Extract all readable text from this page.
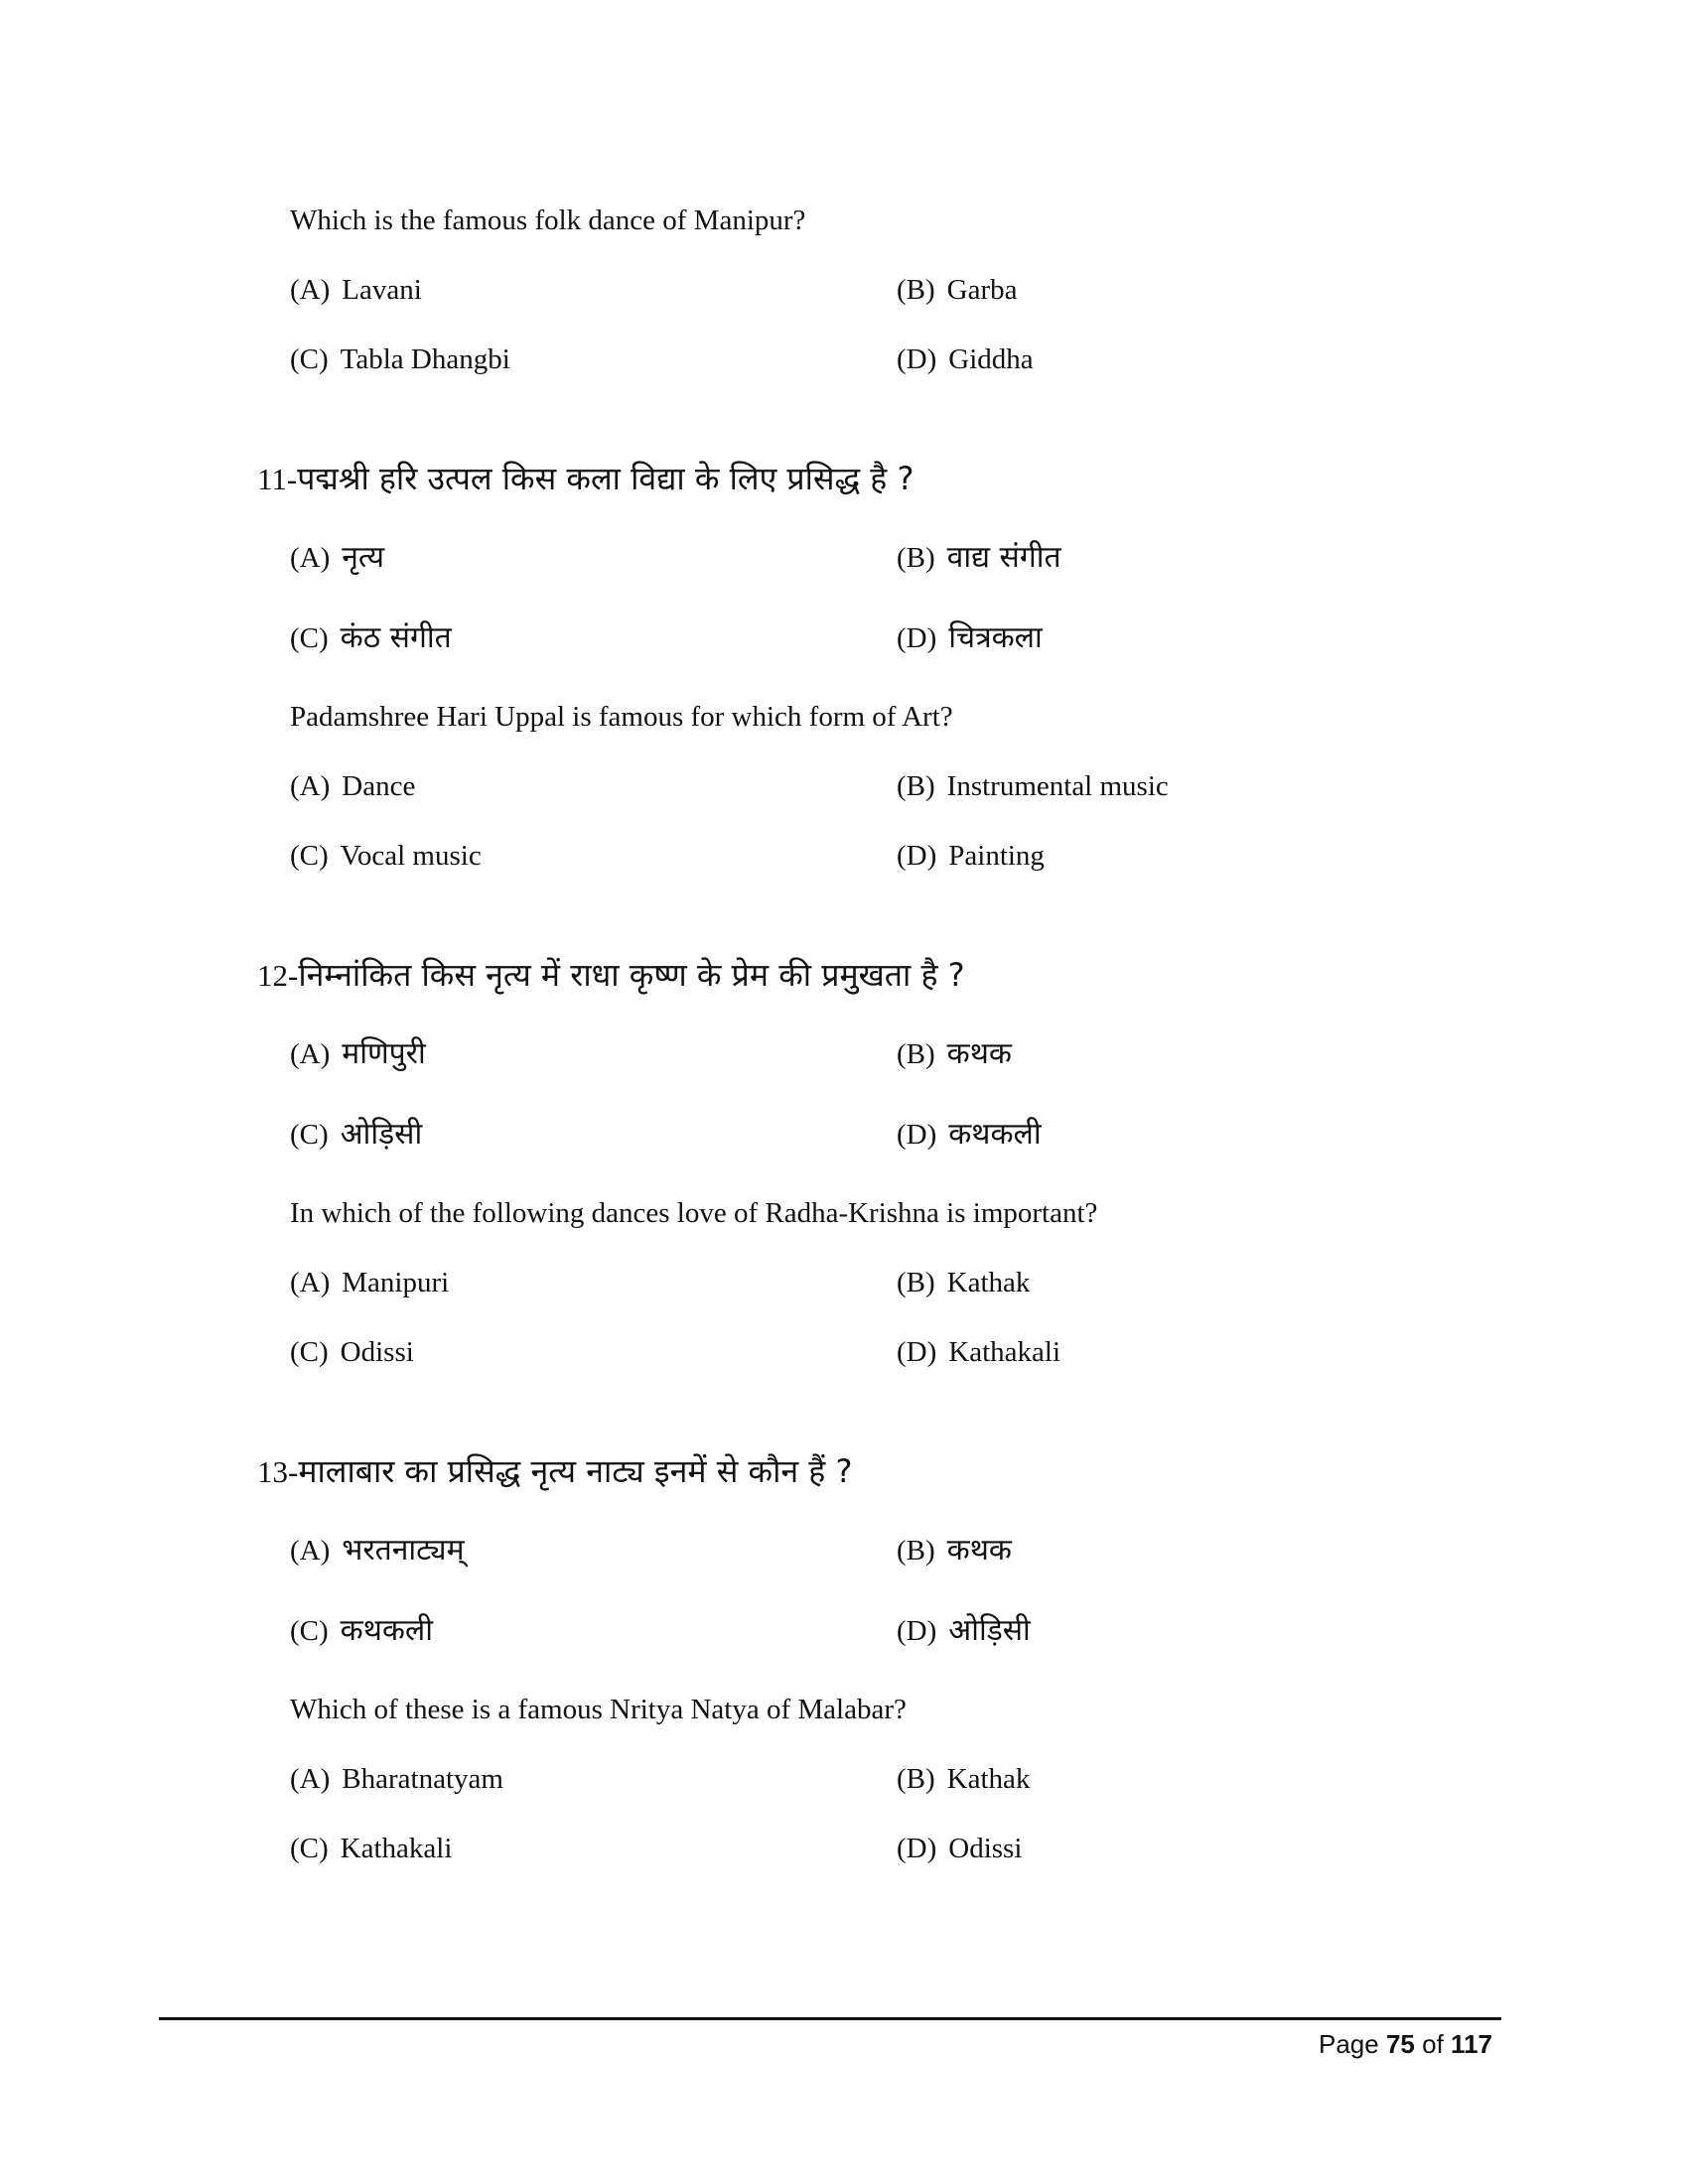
Which is the famous folk dance of Manipur?
(A) Lavani	(B) Garba
(C) Tabla Dhangbi	(D) Giddha
11-पद्मश्री हरि उत्पल किस कला विद्या के लिए प्रसिद्ध है ?
(A) नृत्य	(B) वाद्य संगीत
(C) कंठ संगीत	(D) चित्रकला
Padamshree Hari Uppal is famous for which form of Art?
(A) Dance	(B) Instrumental music
(C) Vocal music	(D) Painting
12-निम्नांकित किस नृत्य में राधा कृष्ण के प्रेम की प्रमुखता है ?
(A) मणिपुरी	(B) कथक
(C) ओड़िसी	(D) कथकली
In which of the following dances love of Radha-Krishna is important?
(A) Manipuri	(B) Kathak
(C) Odissi	(D) Kathakali
13-मालाबार का प्रसिद्ध नृत्य नाट्य इनमें से कौन हैं ?
(A) भरतनाट्यम्	(B) कथक
(C) कथकली	(D) ओड़िसी
Which of these is a famous Nritya Natya of Malabar?
(A) Bharatnatyam	(B) Kathak
(C) Kathakali	(D) Odissi
Page 75 of 117
